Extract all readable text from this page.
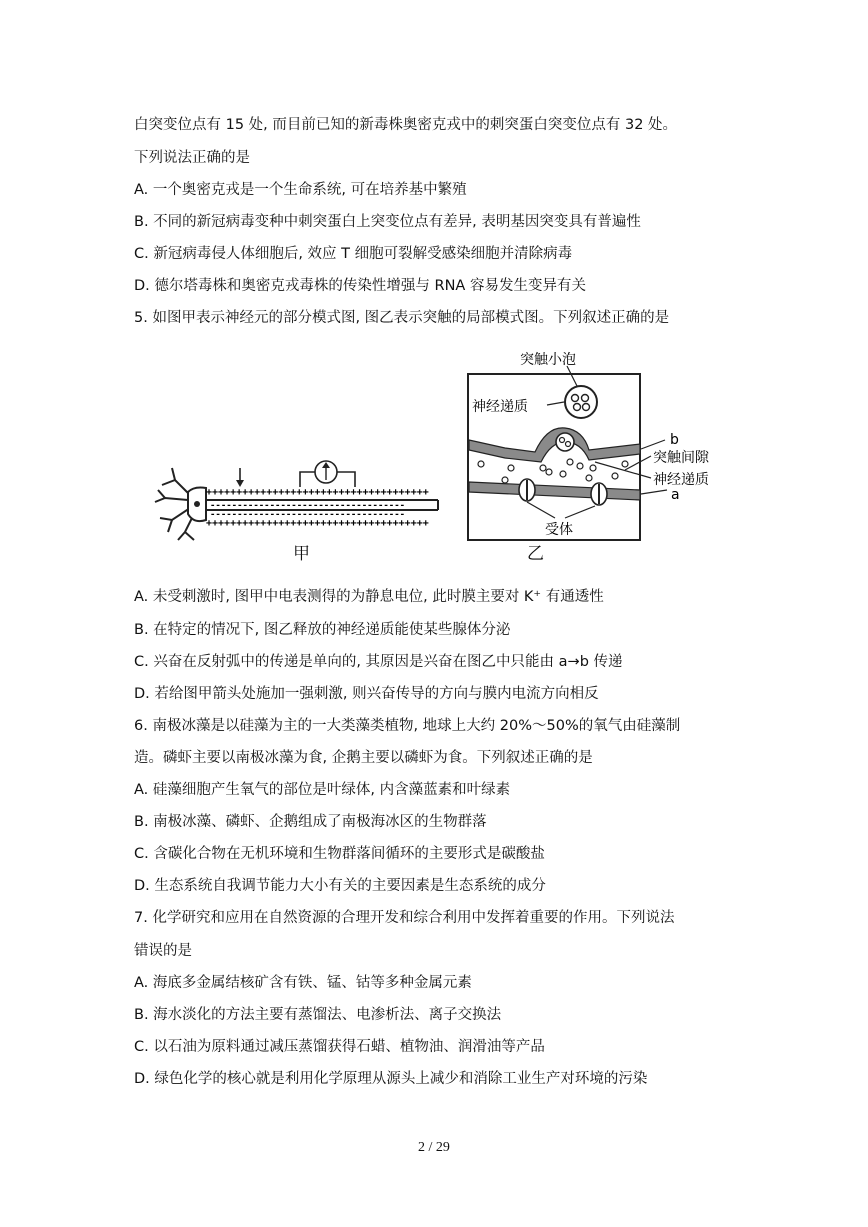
白突变位点有 15 处, 而目前已知的新毒株奥密克戎中的刺突蛋白突变位点有 32 处。
下列说法正确的是
A. 一个奥密克戎是一个生命系统, 可在培养基中繁殖
B. 不同的新冠病毒变种中刺突蛋白上突变位点有差异, 表明基因突变具有普遍性
C. 新冠病毒侵人体细胞后, 效应 T 细胞可裂解受感染细胞并清除病毒
D. 德尔塔毒株和奥密克戎毒株的传染性增强与 RNA 容易发生变异有关
5. 如图甲表示神经元的部分模式图, 图乙表示突触的局部模式图。下列叙述正确的是
+++++++++++++++++++++++++++++++++++++
------------------------------------
------------------------------------
+++++++++++++++++++++++++++++++++++++
甲
突触小泡
神经递质
b
突触间隙
神经递质
a
受体
乙
A. 未受刺激时, 图甲中电表测得的为静息电位, 此时膜主要对 K⁺ 有通透性
B. 在特定的情况下, 图乙释放的神经递质能使某些腺体分泌
C. 兴奋在反射弧中的传递是单向的, 其原因是兴奋在图乙中只能由 a→b 传递
D. 若给图甲箭头处施加一强刺激, 则兴奋传导的方向与膜内电流方向相反
6. 南极冰藻是以硅藻为主的一大类藻类植物, 地球上大约 20%～50%的氧气由硅藻制
造。磷虾主要以南极冰藻为食, 企鹅主要以磷虾为食。下列叙述正确的是
A. 硅藻细胞产生氧气的部位是叶绿体, 内含藻蓝素和叶绿素
B. 南极冰藻、磷虾、企鹅组成了南极海冰区的生物群落
C. 含碳化合物在无机环境和生物群落间循环的主要形式是碳酸盐
D. 生态系统自我调节能力大小有关的主要因素是生态系统的成分
7. 化学研究和应用在自然资源的合理开发和综合利用中发挥着重要的作用。下列说法
错误的是
A. 海底多金属结核矿含有铁、锰、钴等多种金属元素
B. 海水淡化的方法主要有蒸馏法、电渗析法、离子交换法
C. 以石油为原料通过减压蒸馏获得石蜡、植物油、润滑油等产品
D. 绿色化学的核心就是利用化学原理从源头上减少和消除工业生产对环境的污染
2 / 29
